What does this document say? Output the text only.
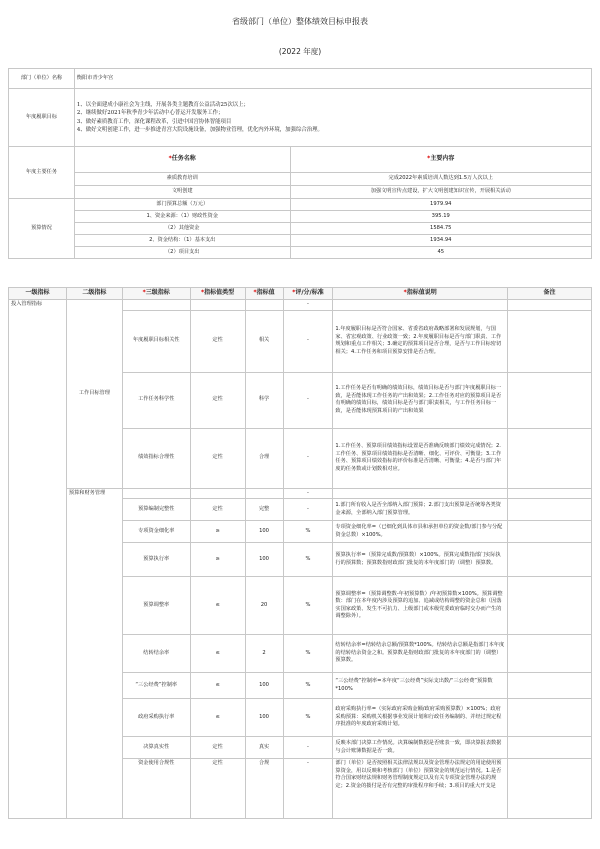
省级部门（单位）整体绩效目标申报表
(2022 年度)
部门（单位）名称	衡阳市青少年宫	
年度履职目标	1、以全面建成小康社会为主线，开展各类主题教育公益活动25次以上；
2、继续做好2021年秋季青少年活动中心普运开发服务工作；
3、做好素质教育工作，深化课程改革，引进中国宫协体智能项目
4、做好文明创建工作，进一步推进青宫大院设施设备，加强物业管理，优化内外环境，加强综合治理。	

年度主要任务	*任务名称	*主要内容
	素质教育培训	完成2022年素质培训人数达到1.5万人次以上
	文明创建	加强文明宣传点建设，扩大文明创建知识宣传，开展相关活动
预算情况	部门预算总额（万元）	1979.94
	1、资金来源：（1）财政性资金	395.19
	（2）其他资金	1584.75
	2、资金结构：（1）基本支出	1934.94
	（2）项目支出	45
一级指标	二级指标	*三级指标	*指标值类型	*指标值	*评/分/标准	*指标值说明	备注
投入管理指标	工作目标管理				-		
		年度履职目标相关性	定性	相关	-	1.年度履职目标是否符合国家、省委省政府战略部署和发展规划，与国家、省宏观政策、行业政策一致；2.年度履职目标是否与部门职责、工作规划和重点工作相关；3.确定的预算项目是否合理，是否与工作目标密切相关；4.工作任务和项目预算安排是否合理。	
		工作任务科学性	定性	科学	-	1.工作任务是否有明确的绩效目标，绩效目标是否与部门年度履职目标一致，是否能体现工作任务的产出和效果；2.工作任务对应的预算项目是否有明确的绩效目标，绩效目标是否与部门职责相关，与工作任务目标一致，是否能体现预算项目的产出和效果	
		绩效指标合理性	定性	合理	-	1.工作任务、预算项目绩效指标设置是否准确反映部门绩效完成情况；2.工作任务、预算项目绩效指标是否清晰、细化、可评价、可衡量；3.工作任务、预算项目绩效指标的评价标准是否清晰、可衡量；4.是否与部门年度的任务数或计划数相对应。	
	预算和财务管理				-		
		预算编制完整性	定性	完整	-	1.部门所有收入是否全部纳入部门预算；2.部门支出预算是否统筹各类资金来源，全部纳入部门预算管理。	
		专项资金细化率	≥	100	%	专项资金细化率=（已细化到具体市县和承担单位的资金数/部门参与分配资金总数）×100%。	
		预算执行率	≥	100	%	预算执行率=（预算完成数/预算数）×100%。预算完成数指部门实际执行的预算数；预算数指财政部门批复的本年度部门的（调整）预算数。	
		预算调整率	≤	20	%	预算调整率=（预算调整数-年初预算数）/年初预算数×100%。预算调整数：部门在本年度内涉及预算的追加、追减或结构调整的资金总和（因落实国家政策、发生不可抗力、上级部门或本级党委政府临时交办而产生的调整除外）。	
		结转结余率	≤	2	%	结转结余率=结转结余总额/预算数*100%。结转结余总额是指部门本年度的结转结余资金之和。预算数是指财政部门批复的本年度部门的（调整）预算数。	
		“三公经费”控制率	≤	100	%	“三公经费”控制率=本年度“三公经费”实际支出数/“三公经费”预算数*100%	
		政府采购执行率	≤	100	%	政府采购执行率=（实际政府采购金额/政府采购预算数）×100%；政府采购预算：采购机关根据事业发展计划和行政任务编制的、并经过规定程序批准的年度政府采购计划。	
		决算真实性	定性	真实	-	反映本部门决算工作情况。决算编制数据是否账表一致，即决算报表数据与会计账簿数据是否一致。	
		资金使用合规性	定性	合规	-	部门（单位）是否按照相关法律法规以及资金管理办法规定的用途使用预算资金，用以反映和考核部门（单位）预算资金的规范运行情况。1.是否符合国家财经法规和财务管理制度规定以及有关专项资金管理办法的规定；2.资金的拨付是否有完整的审批程序和手续；3.项目的重大开支是	
